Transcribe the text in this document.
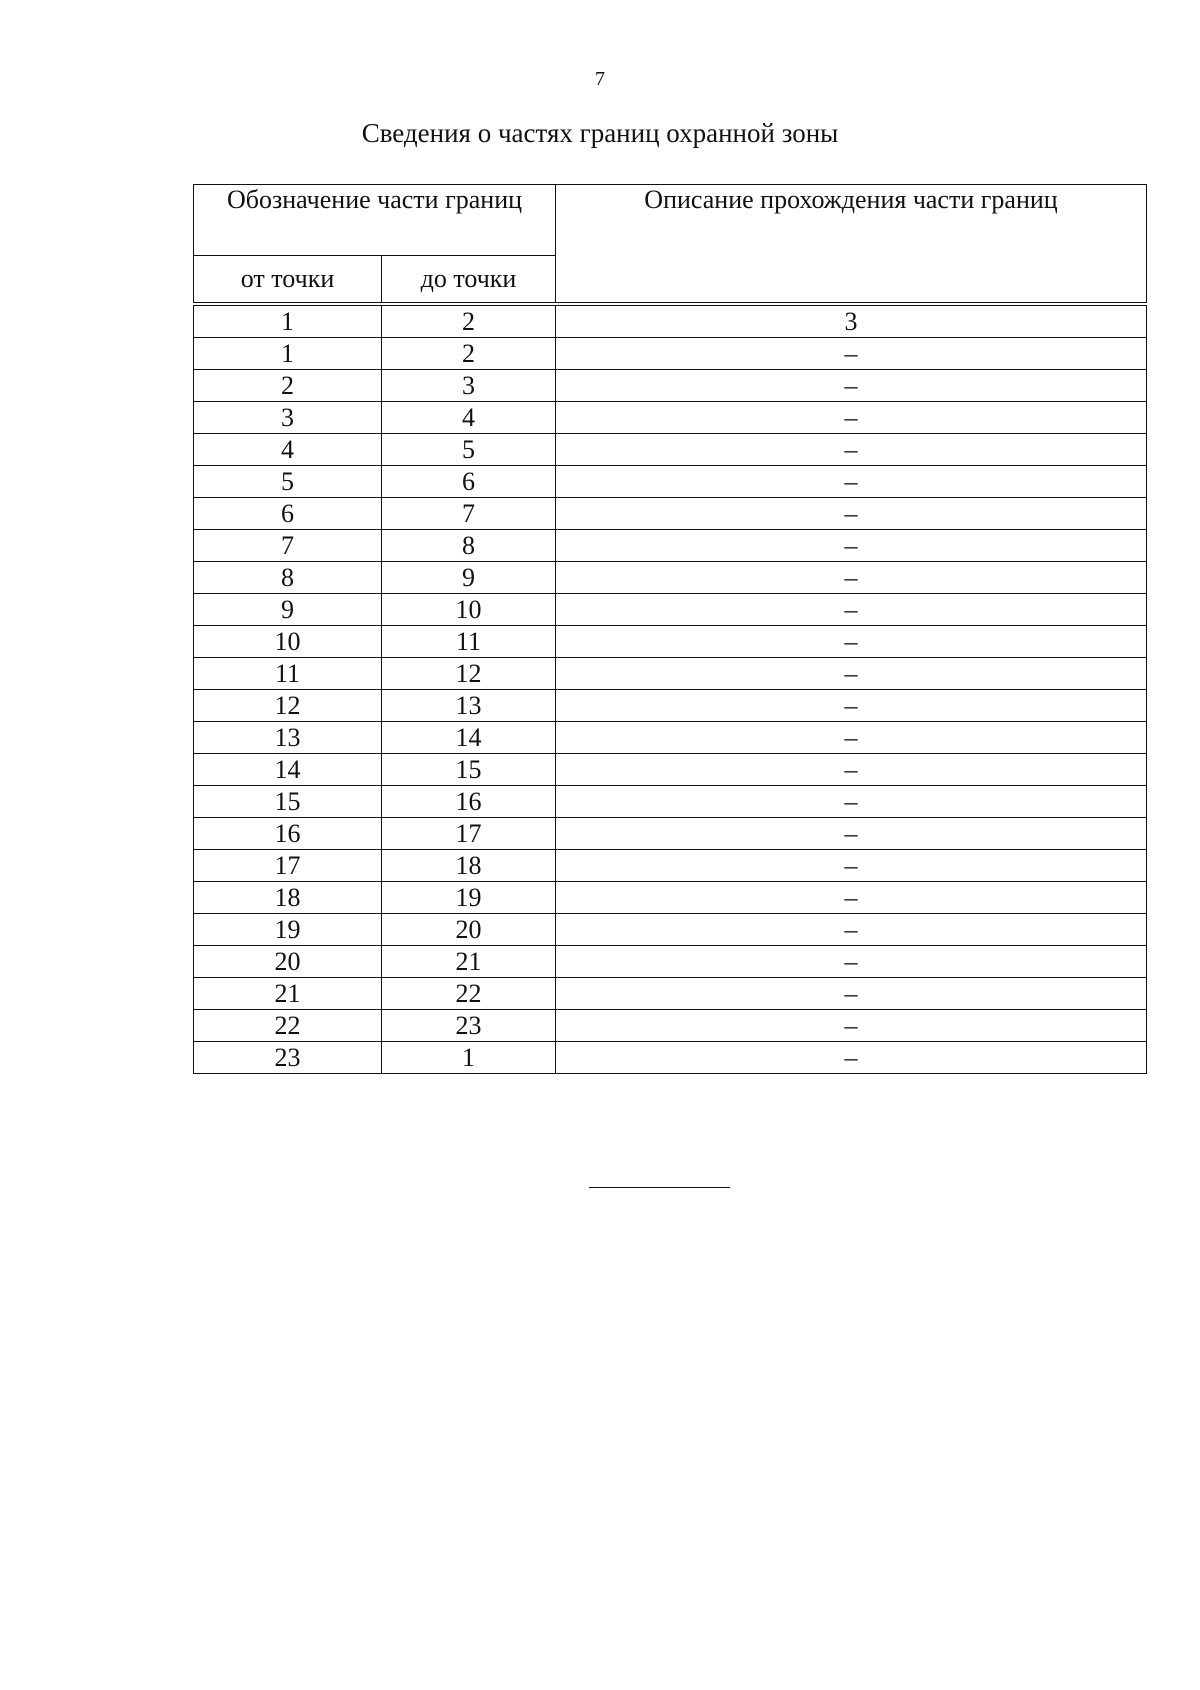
7
Сведения о частях границ охранной зоны
Обозначение части границ		Описание прохождения части границ
от точки	до точки	

1	2	3
1	2	–
2	3	–
3	4	–
4	5	–
5	6	–
6	7	–
7	8	–
8	9	–
9	10	–
10	11	–
11	12	–
12	13	–
13	14	–
14	15	–
15	16	–
16	17	–
17	18	–
18	19	–
19	20	–
20	21	–
21	22	–
22	23	–
23	1	–
